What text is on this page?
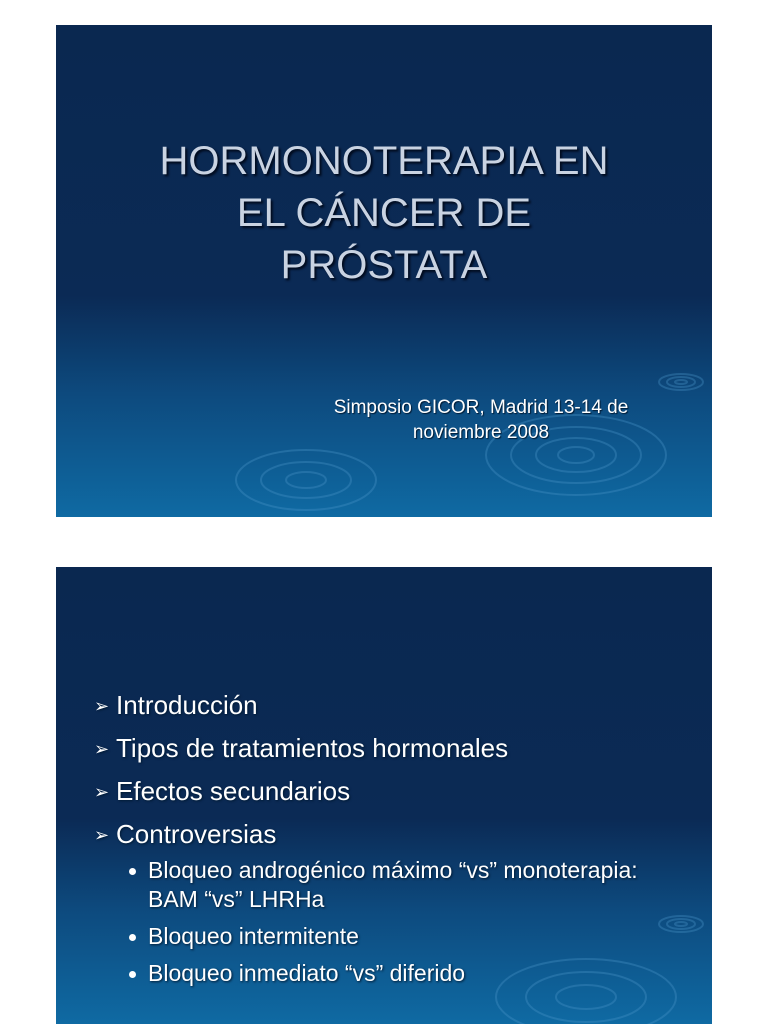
HORMONOTERAPIA EN
EL CÁNCER DE
PRÓSTATA
Simposio GICOR, Madrid 13-14 de
noviembre 2008
➢ Introducción
➢ Tipos de tratamientos hormonales
➢ Efectos secundarios
➢ Controversias
Bloqueo androgénico máximo “vs” monoterapia:
BAM “vs” LHRHa
Bloqueo intermitente
Bloqueo inmediato “vs” diferido
